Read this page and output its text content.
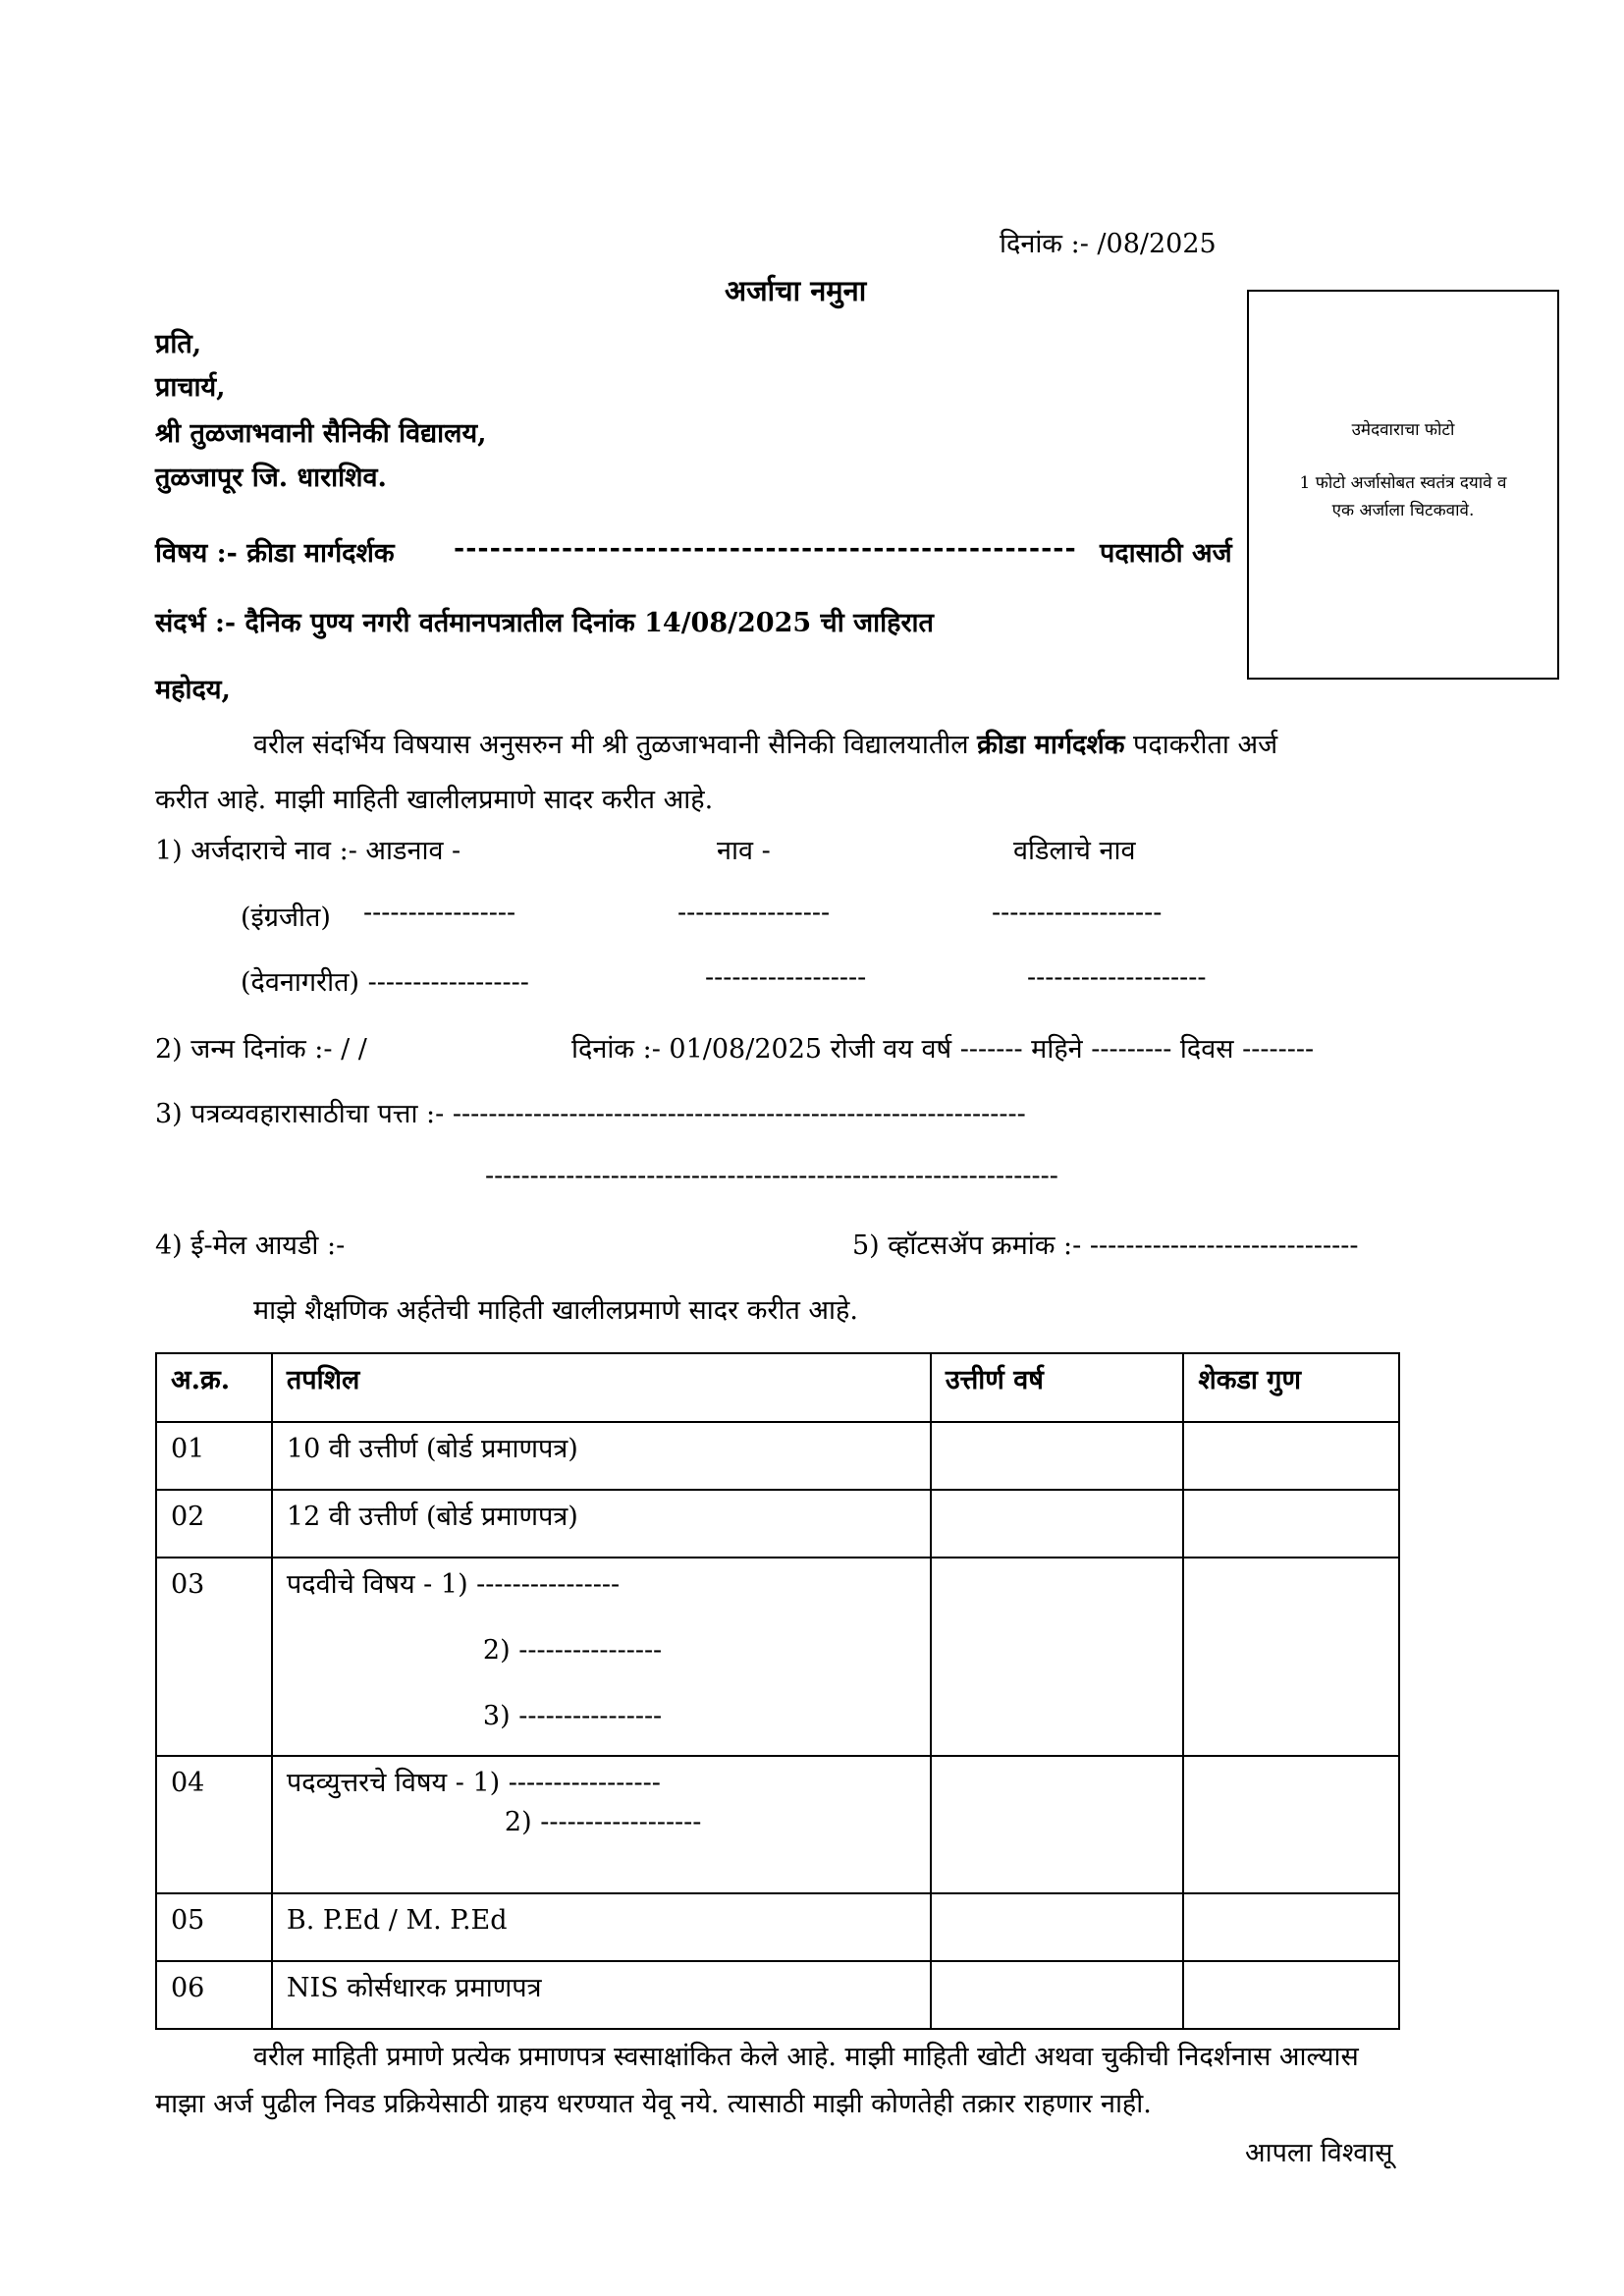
दिनांक :- /08/2025
अर्जाचा नमुना
प्रति,
प्राचार्य,
श्री तुळजाभवानी सैनिकी विद्यालय,
तुळजापूर जि. धाराशिव.
विषय :- क्रीडा मार्गदर्शक ---------------------------------------------------- पदासाठी अर्ज
उमेदवाराचा फोटो
1 फोटो अर्जासोबत स्वतंत्र दयावे व
एक अर्जाला चिटकवावे.
संदर्भ :- दैनिक पुण्य नगरी वर्तमानपत्रातील दिनांक 14/08/2025 ची जाहिरात
महोदय,
वरील संदर्भिय विषयास अनुसरुन मी श्री तुळजाभवानी सैनिकी विद्यालयातील क्रीडा मार्गदर्शक पदाकरीता अर्ज
करीत आहे. माझी माहिती खालीलप्रमाणे सादर करीत आहे.
1) अर्जदाराचे नाव :- आडनाव -	नाव -	वडिलाचे नाव
(इंग्रजीत) -----------------	-----------------	-------------------
(देवनागरीत) ------------------	------------------	--------------------
2) जन्म दिनांक :- / /	दिनांक :- 01/08/2025 रोजी वय वर्ष ------- महिने --------- दिवस --------
3) पत्रव्यवहारासाठीचा पत्ता :- ----------------------------------------------------------------
----------------------------------------------------------------
4) ई-मेल आयडी :-	5) व्हॉटसॲप क्रमांक :- ------------------------------
माझे शैक्षणिक अर्हतेची माहिती खालीलप्रमाणे सादर करीत आहे.
अ.क्र.	तपशिल	उत्तीर्ण वर्ष	शेकडा गुण
01	10 वी उत्तीर्ण (बोर्ड प्रमाणपत्र)		
02	12 वी उत्तीर्ण (बोर्ड प्रमाणपत्र)		
03	पदवीचे विषय - 1) ----------------
2) ----------------
3) ----------------		

04	पदव्युत्तरचे विषय - 1) -----------------
2) ------------------		

05	B. P.Ed / M. P.Ed		
06	NIS कोर्सधारक प्रमाणपत्र		
वरील माहिती प्रमाणे प्रत्येक प्रमाणपत्र स्वसाक्षांकित केले आहे. माझी माहिती खोटी अथवा चुकीची निदर्शनास आल्यास
माझा अर्ज पुढील निवड प्रक्रियेसाठी ग्राहय धरण्यात येवू नये. त्यासाठी माझी कोणतेही तक्रार राहणार नाही.
आपला विश्वासू
